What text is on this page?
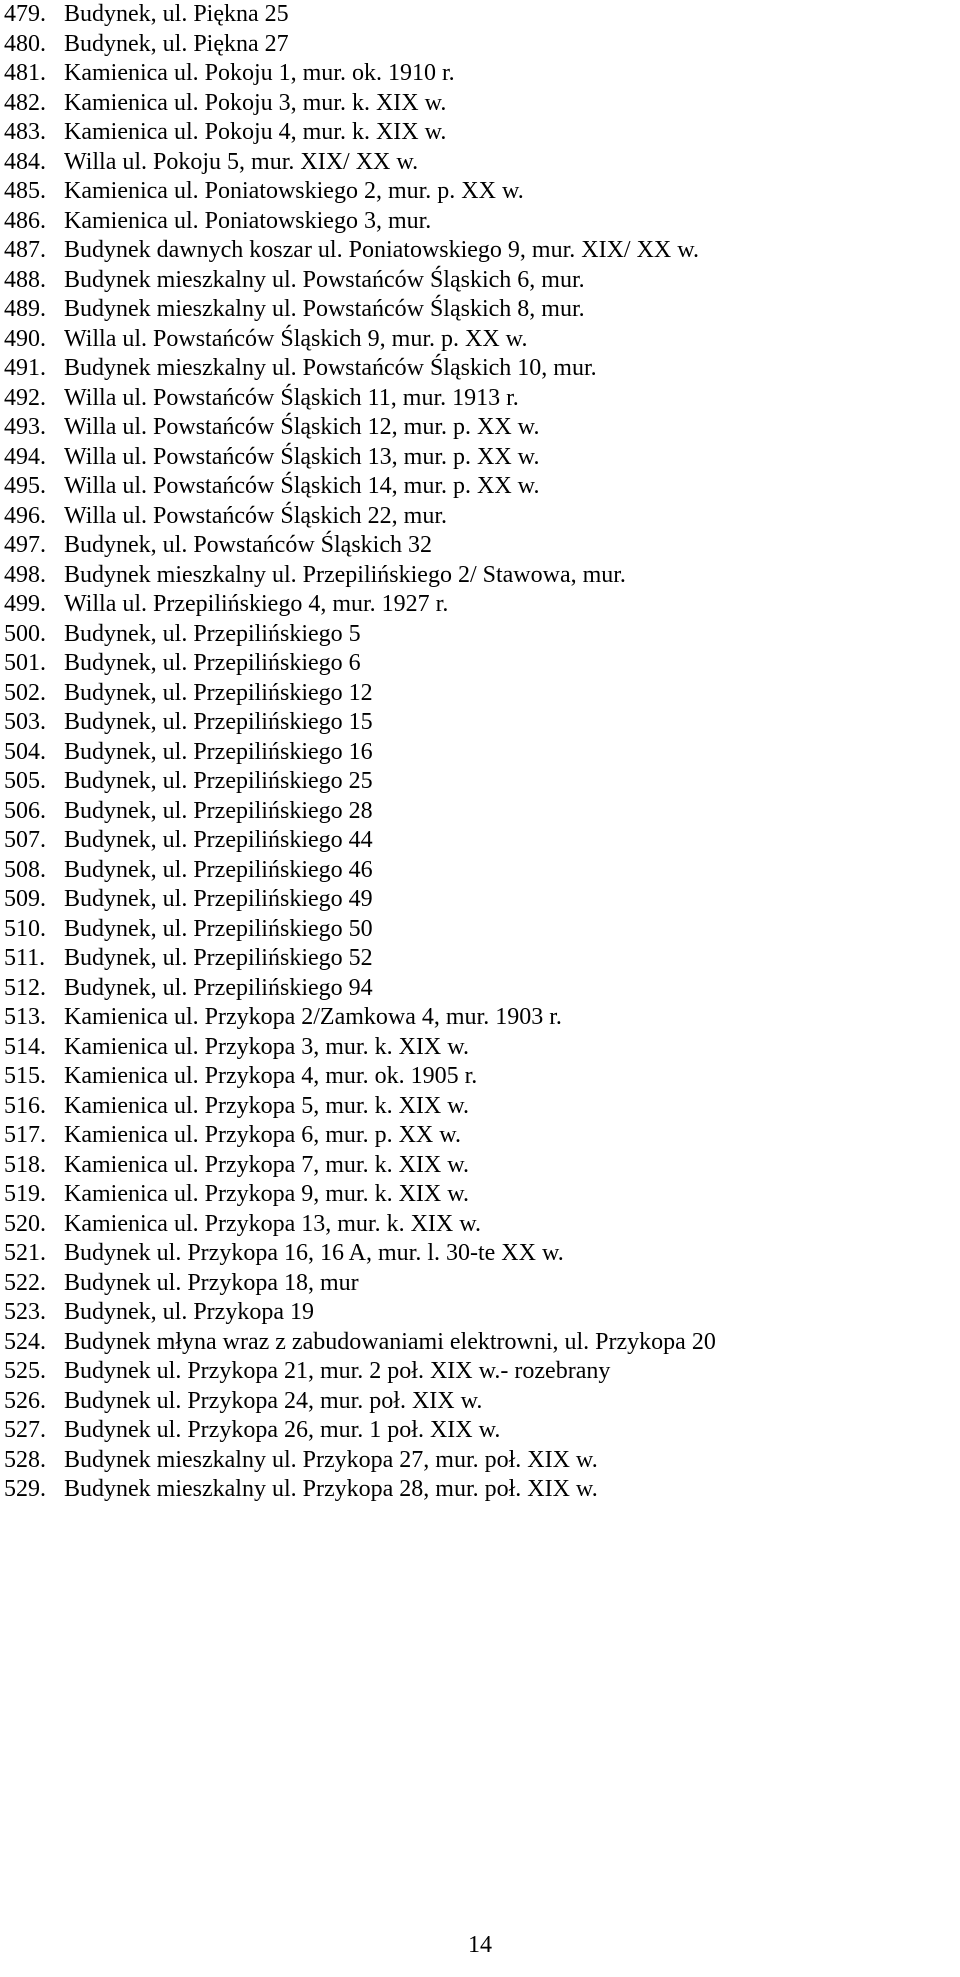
479. Budynek, ul. Piękna 25
480. Budynek, ul. Piękna 27
481. Kamienica ul. Pokoju 1, mur. ok. 1910 r.
482. Kamienica ul. Pokoju 3, mur. k. XIX w.
483. Kamienica ul. Pokoju 4, mur. k. XIX w.
484. Willa ul. Pokoju 5, mur. XIX/ XX w.
485. Kamienica ul. Poniatowskiego 2, mur. p. XX w.
486. Kamienica ul. Poniatowskiego 3, mur.
487. Budynek dawnych koszar ul. Poniatowskiego 9, mur. XIX/ XX w.
488. Budynek mieszkalny ul. Powstańców Śląskich 6, mur.
489. Budynek mieszkalny ul. Powstańców Śląskich 8, mur.
490. Willa ul. Powstańców Śląskich 9, mur. p. XX w.
491. Budynek mieszkalny ul. Powstańców Śląskich 10, mur.
492. Willa ul. Powstańców Śląskich 11, mur. 1913 r.
493. Willa ul. Powstańców Śląskich 12, mur. p. XX w.
494. Willa ul. Powstańców Śląskich 13, mur. p. XX w.
495. Willa ul. Powstańców Śląskich 14, mur. p. XX w.
496. Willa ul. Powstańców Śląskich 22, mur.
497. Budynek, ul. Powstańców Śląskich 32
498. Budynek mieszkalny ul. Przepilińskiego 2/ Stawowa, mur.
499. Willa ul. Przepilińskiego 4, mur. 1927 r.
500. Budynek, ul. Przepilińskiego 5
501. Budynek, ul. Przepilińskiego 6
502. Budynek, ul. Przepilińskiego 12
503. Budynek, ul. Przepilińskiego 15
504. Budynek, ul. Przepilińskiego 16
505. Budynek, ul. Przepilińskiego 25
506. Budynek, ul. Przepilińskiego 28
507. Budynek, ul. Przepilińskiego 44
508. Budynek, ul. Przepilińskiego 46
509. Budynek, ul. Przepilińskiego 49
510. Budynek, ul. Przepilińskiego 50
511. Budynek, ul. Przepilińskiego 52
512. Budynek, ul. Przepilińskiego 94
513. Kamienica ul. Przykopa 2/Zamkowa 4, mur. 1903 r.
514. Kamienica ul. Przykopa 3, mur. k. XIX w.
515. Kamienica ul. Przykopa 4, mur. ok. 1905 r.
516. Kamienica ul. Przykopa 5, mur. k. XIX w.
517. Kamienica ul. Przykopa 6, mur. p. XX w.
518. Kamienica ul. Przykopa 7, mur. k. XIX w.
519. Kamienica ul. Przykopa 9, mur. k. XIX w.
520. Kamienica ul. Przykopa 13, mur. k. XIX w.
521. Budynek ul. Przykopa 16, 16 A, mur. l. 30-te XX w.
522. Budynek ul. Przykopa 18, mur
523. Budynek, ul. Przykopa 19
524. Budynek młyna wraz z zabudowaniami elektrowni, ul. Przykopa 20
525. Budynek ul. Przykopa 21, mur. 2 poł. XIX w.- rozebrany
526. Budynek ul. Przykopa 24, mur. poł. XIX w.
527. Budynek ul. Przykopa 26, mur. 1 poł. XIX w.
528. Budynek mieszkalny ul. Przykopa 27, mur. poł. XIX w.
529. Budynek mieszkalny ul. Przykopa 28, mur. poł. XIX w.
14
